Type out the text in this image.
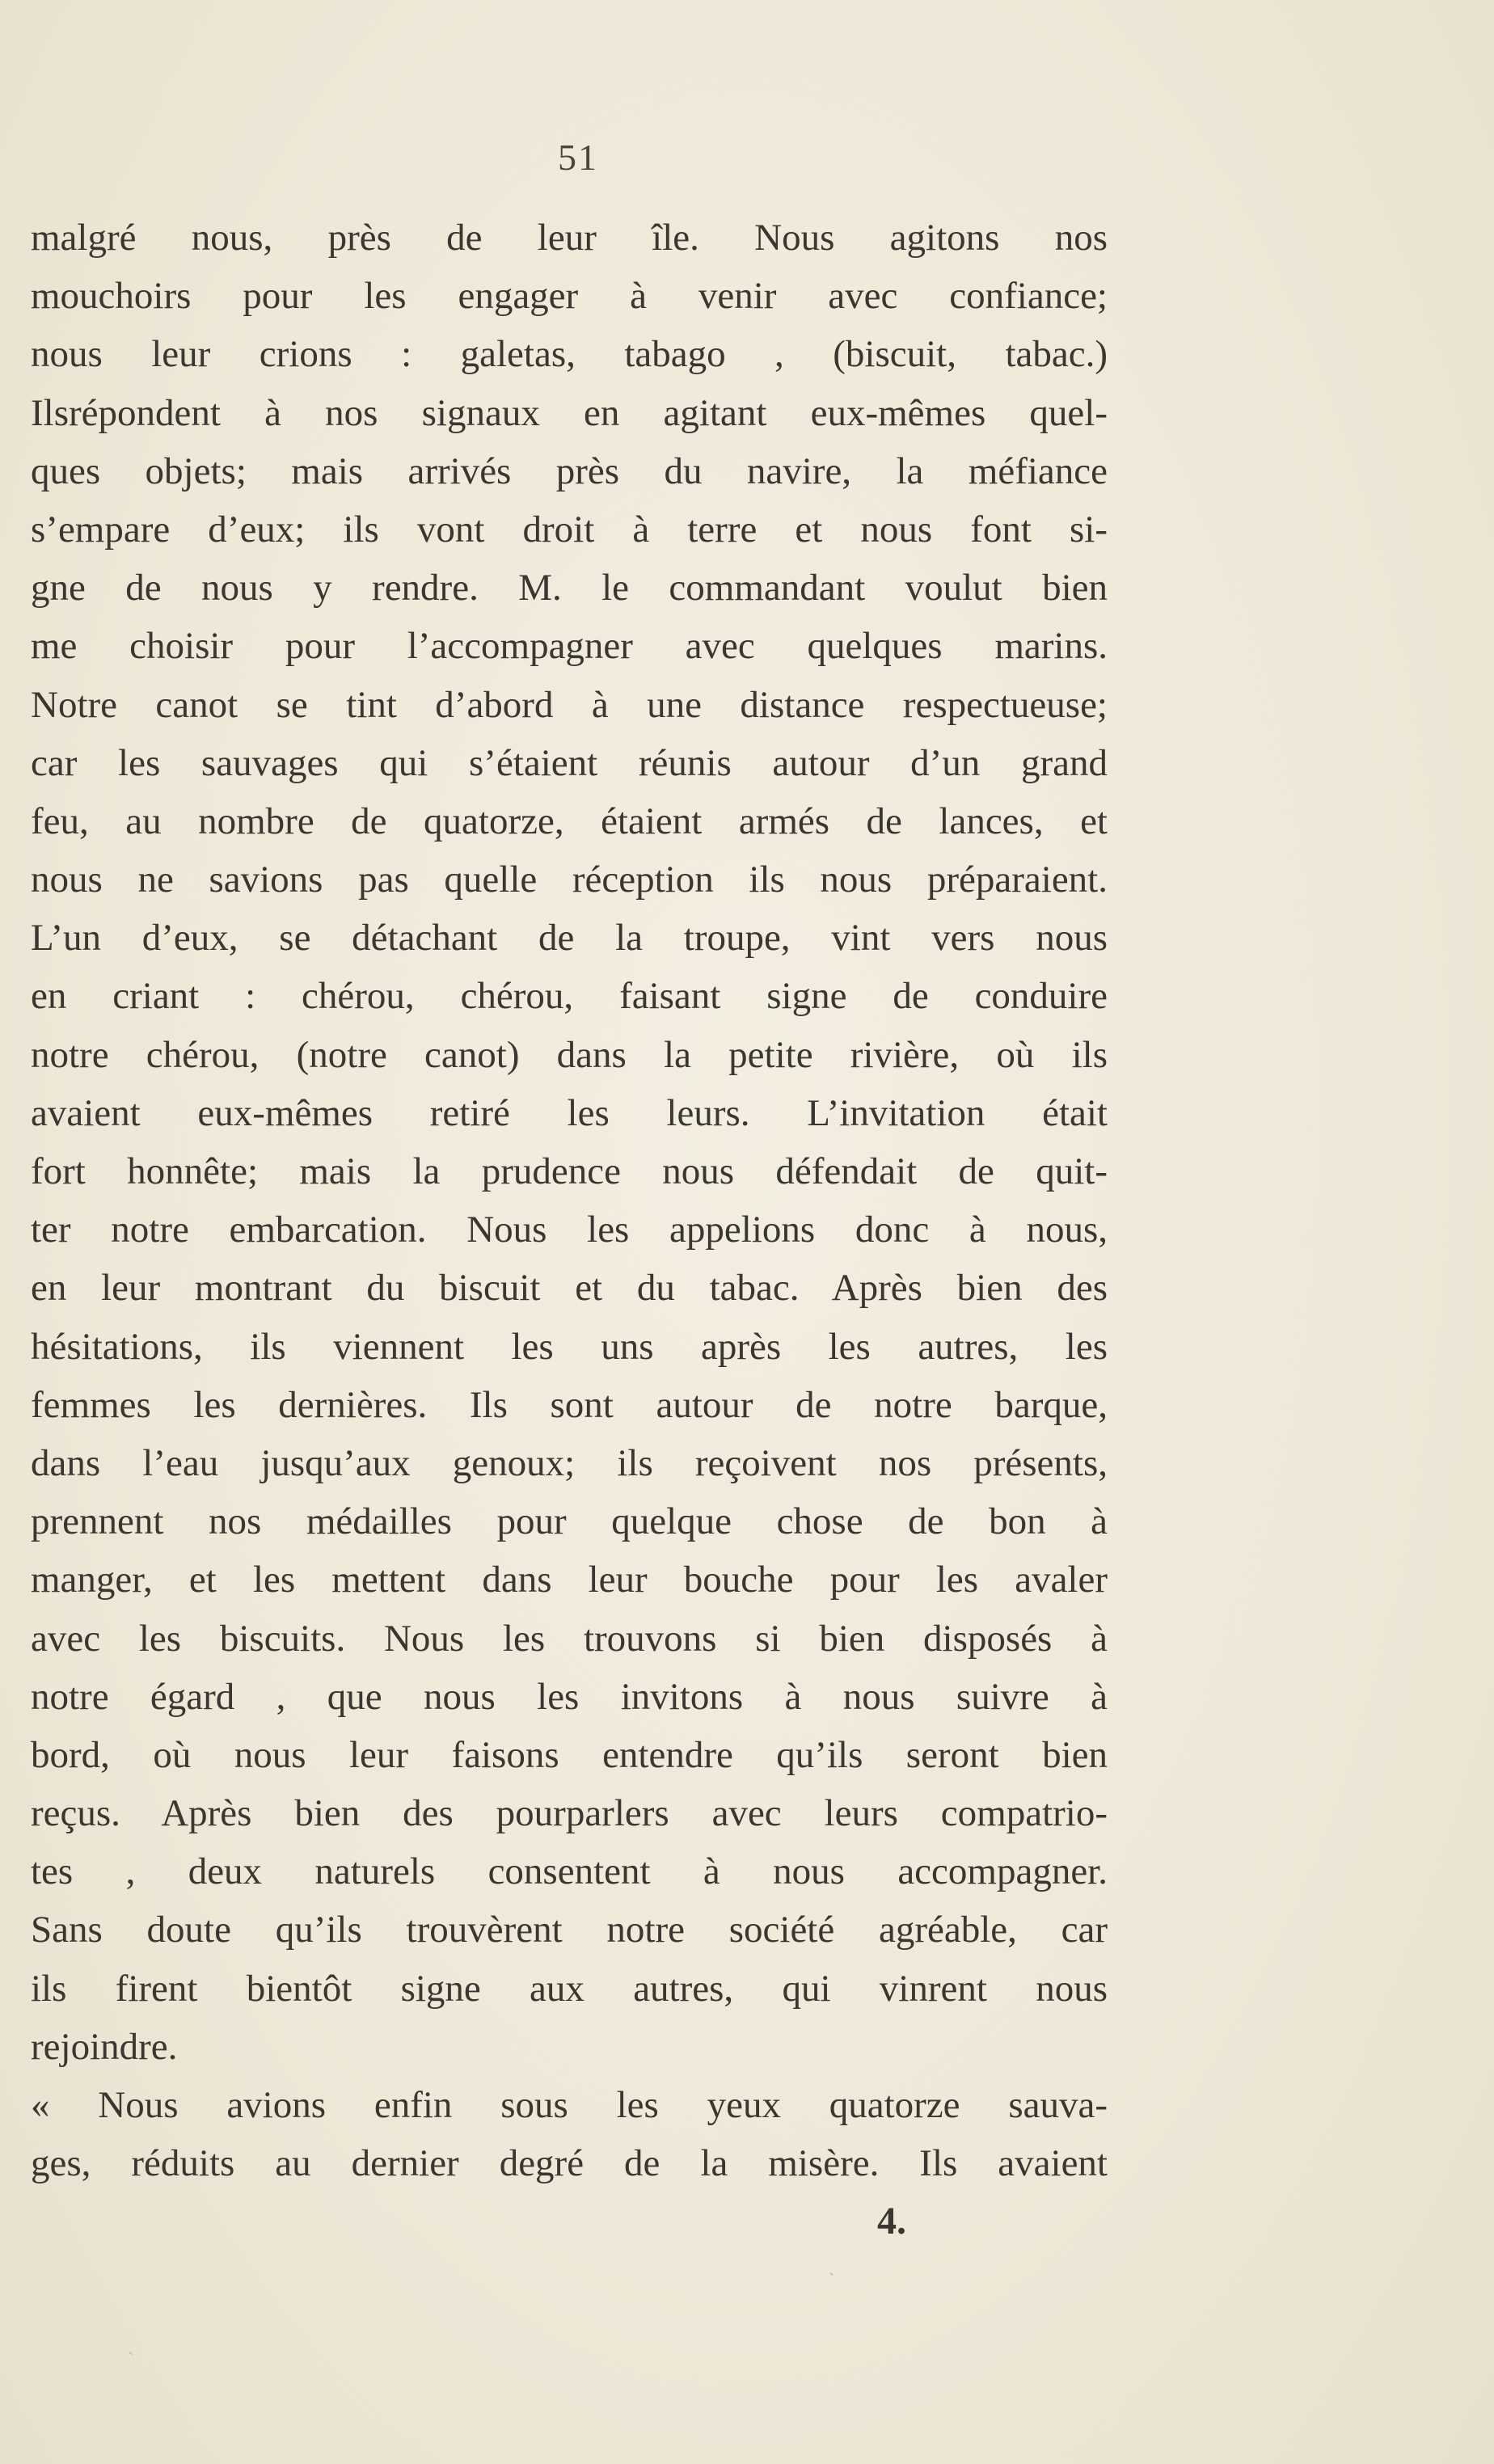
51
malgré nous, près de leur île. Nous agitons nos
mouchoirs pour les engager à venir avec confiance;
nous leur crions : galetas, tabago , (biscuit, tabac.)
Ilsrépondent à nos signaux en agitant eux-mêmes quel-
ques objets; mais arrivés près du navire, la méfiance
s’empare d’eux; ils vont droit à terre et nous font si-
gne de nous y rendre. M. le commandant voulut bien
me choisir pour l’accompagner avec quelques marins.
Notre canot se tint d’abord à une distance respectueuse;
car les sauvages qui s’étaient réunis autour d’un grand
feu, au nombre de quatorze, étaient armés de lances, et
nous ne savions pas quelle réception ils nous préparaient.
L’un d’eux, se détachant de la troupe, vint vers nous
en criant : chérou, chérou, faisant signe de conduire
notre chérou, (notre canot) dans la petite rivière, où ils
avaient eux-mêmes retiré les leurs. L’invitation était
fort honnête; mais la prudence nous défendait de quit-
ter notre embarcation. Nous les appelions donc à nous,
en leur montrant du biscuit et du tabac. Après bien des
hésitations, ils viennent les uns après les autres, les
femmes les dernières. Ils sont autour de notre barque,
dans l’eau jusqu’aux genoux; ils reçoivent nos présents,
prennent nos médailles pour quelque chose de bon à
manger, et les mettent dans leur bouche pour les avaler
avec les biscuits. Nous les trouvons si bien disposés à
notre égard , que nous les invitons à nous suivre à
bord, où nous leur faisons entendre qu’ils seront bien
reçus. Après bien des pourparlers avec leurs compatrio-
tes , deux naturels consentent à nous accompagner.
Sans doute qu’ils trouvèrent notre société agréable, car
ils firent bientôt signe aux autres, qui vinrent nous
rejoindre.
« Nous avions enfin sous les yeux quatorze sauva-
ges, réduits au dernier degré de la misère. Ils avaient
4.
ˎ
ˋ
